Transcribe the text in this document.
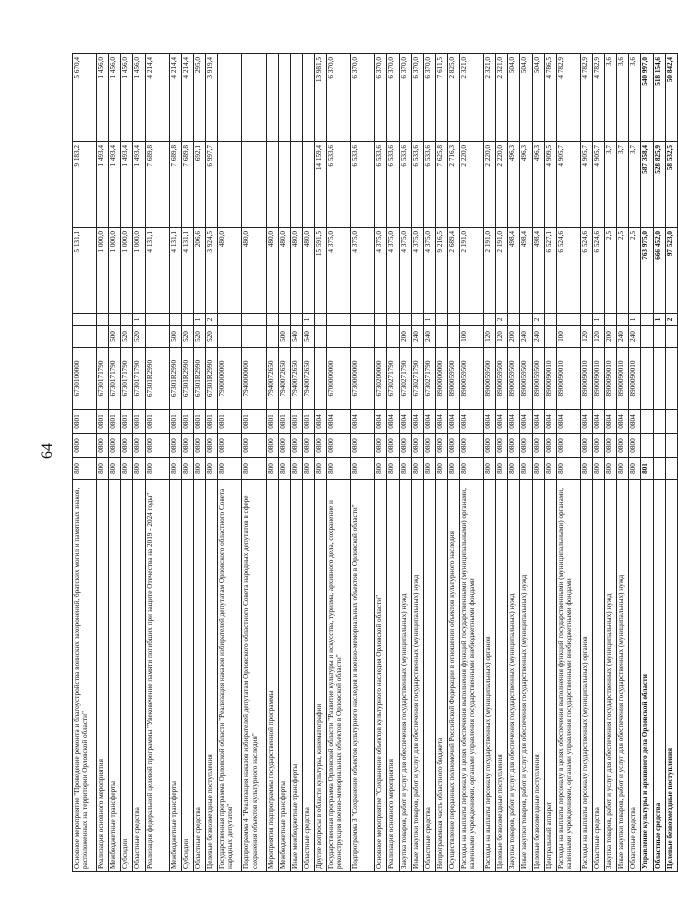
64
Основное мероприятие "Проведение ремонта и благоустройства воинских захоронений, братских могил и памятных знаков, расположенных на территории Орловской области"	800	0800	0801	6730100000			5 131,1	9 183,2	5 670,4
Реализация основного мероприятия	800	0800	0801	6730171790			1 000,0	1 493,4	1 456,0
Межбюджетные трансферты	800	0800	0801	6730171790	500		1 000,0	1 493,4	1 456,0
Субсидии	800	0800	0801	6730171790	520		1 000,0	1 493,4	1 456,0
Областные средства	800	0800	0801	6730171790	520	1	1 000,0	1 493,4	1 456,0
Реализация федеральной целевой программы "Увековечение памяти погибших при защите Отечества на 2019 - 2024 годы"	800	0800	0801	67301R2990			4 131,1	7 689,8	4 214,4
Межбюджетные трансферты	800	0800	0801	67301R2990	500		4 131,1	7 689,8	4 214,4
Субсидии	800	0800	0801	67301R2990	520		4 131,1	7 689,8	4 214,4
Областные средства	800	0800	0801	67301R2990	520	1	206,6	692,1	295,0
Целевые безвозмездные поступления	800	0800	0801	67301R2990	520	2	3 924,5	6 997,7	3 919,4
Государственная программа Орловской области "Реализация наказов избирателей депутатам Орловского областного Совета народных депутатов"	800	0800	0801	7900000000			480,0		
Подпрограмма 4 "Реализация наказов избирателей депутатам Орловского областного Совета народных депутатов в сфере сохранения объектов культурного наследия"	800	0800	0801	7940000000			480,0		
Мероприятия подпрограммы государственной программы	800	0800	0801	7940072650			480,0		
Межбюджетные трансферты	800	0800	0801	7940072650	500		480,0		
Иные межбюджетные трансферты	800	0800	0801	7940072650	540		480,0		
Областные средства	800	0800	0801	7940072650	540	1	480,0		
Другие вопросы в области культуры, кинематографии	800	0800	0804				15 591,5	14 159,4	13 981,5
Государственная программа Орловской области "Развитие культуры и искусства, туризма, архивного дела, сохранение и реконструкция военно-мемориальных объектов в Орловской области"	800	0800	0804	6700000000			4 375,0	6 533,6	6 370,0
Подпрограмма 3 "Сохранение объектов культурного наследия и военно-мемориальных объектов в Орловской области"	800	0800	0804	6730000000			4 375,0	6 533,6	6 370,0
Основное мероприятие "Сохранение объектов культурного наследия Орловской области"	800	0800	0804	6730200000			4 375,0	6 533,6	6 370,0
Реализация основного мероприятия	800	0800	0804	6730271790			4 375,0	6 533,6	6 370,0
Закупка товаров, работ и услуг для обеспечения государственных (муниципальных) нужд	800	0800	0804	6730271790	200		4 375,0	6 533,6	6 370,0
Иные закупки товаров, работ и услуг для обеспечения государственных (муниципальных) нужд	800	0800	0804	6730271790	240		4 375,0	6 533,6	6 370,0
Областные средства	800	0800	0804	6730271790	240	1	4 375,0	6 533,6	6 370,0
Непрограммная часть областного бюджета	800	0800	0804	8900000000			9 216,5	7 625,8	7 611,5
Осуществление переданных полномочий Российской Федерации в отношении объектов культурного наследия	800	0800	0804	8900059500			2 689,4	2 716,3	2 825,0
Расходы на выплаты персоналу в целях обеспечения выполнения функций государственными (муниципальными) органами, казенными учреждениями, органами управления государственными внебюджетными фондами	800	0800	0804	8900059500	100		2 191,0	2 220,0	2 321,0
Расходы на выплаты персоналу государственных (муниципальных) органов	800	0800	0804	8900059500	120		2 191,0	2 220,0	2 321,0
Целевые безвозмездные поступления	800	0800	0804	8900059500	120	2	2 191,0	2 220,0	2 321,0
Закупка товаров, работ и услуг для обеспечения государственных (муниципальных) нужд	800	0800	0804	8900059500	200		498,4	496,3	504,0
Иные закупки товаров, работ и услуг для обеспечения государственных (муниципальных) нужд	800	0800	0804	8900059500	240		498,4	496,3	504,0
Целевые безвозмездные поступления	800	0800	0804	8900059500	240	2	498,4	496,3	504,0
Центральный аппарат	800	0800	0804	8900090010			6 527,1	4 909,5	4 786,5
Расходы на выплаты персоналу в целях обеспечения выполнения функций государственными (муниципальными) органами, казенными учреждениями, органами управления государственными внебюджетными фондами	800	0800	0804	8900090010	100		6 524,6	4 905,7	4 782,9
Расходы на выплаты персоналу государственных (муниципальных) органов	800	0800	0804	8900090010	120		6 524,6	4 905,7	4 782,9
Областные средства	800	0800	0804	8900090010	120	1	6 524,6	4 905,7	4 782,9
Закупка товаров, работ и услуг для обеспечения государственных (муниципальных) нужд	800	0800	0804	8900090010	200		2,5	3,7	3,6
Иные закупки товаров, работ и услуг для обеспечения государственных (муниципальных) нужд	800	0800	0804	8900090010	240		2,5	3,7	3,6
Областные средства	800	0800	0804	8900090010	240	1	2,5	3,7	3,6
Управление культуры и архивного дела Орловской области	801						763 975,0	587 358,4	540 997,0
Областные средства						1	666 452,0	528 825,9	518 154,6
Целевые безвозмездные поступления						2	97 523,0	58 532,5	50 842,4
